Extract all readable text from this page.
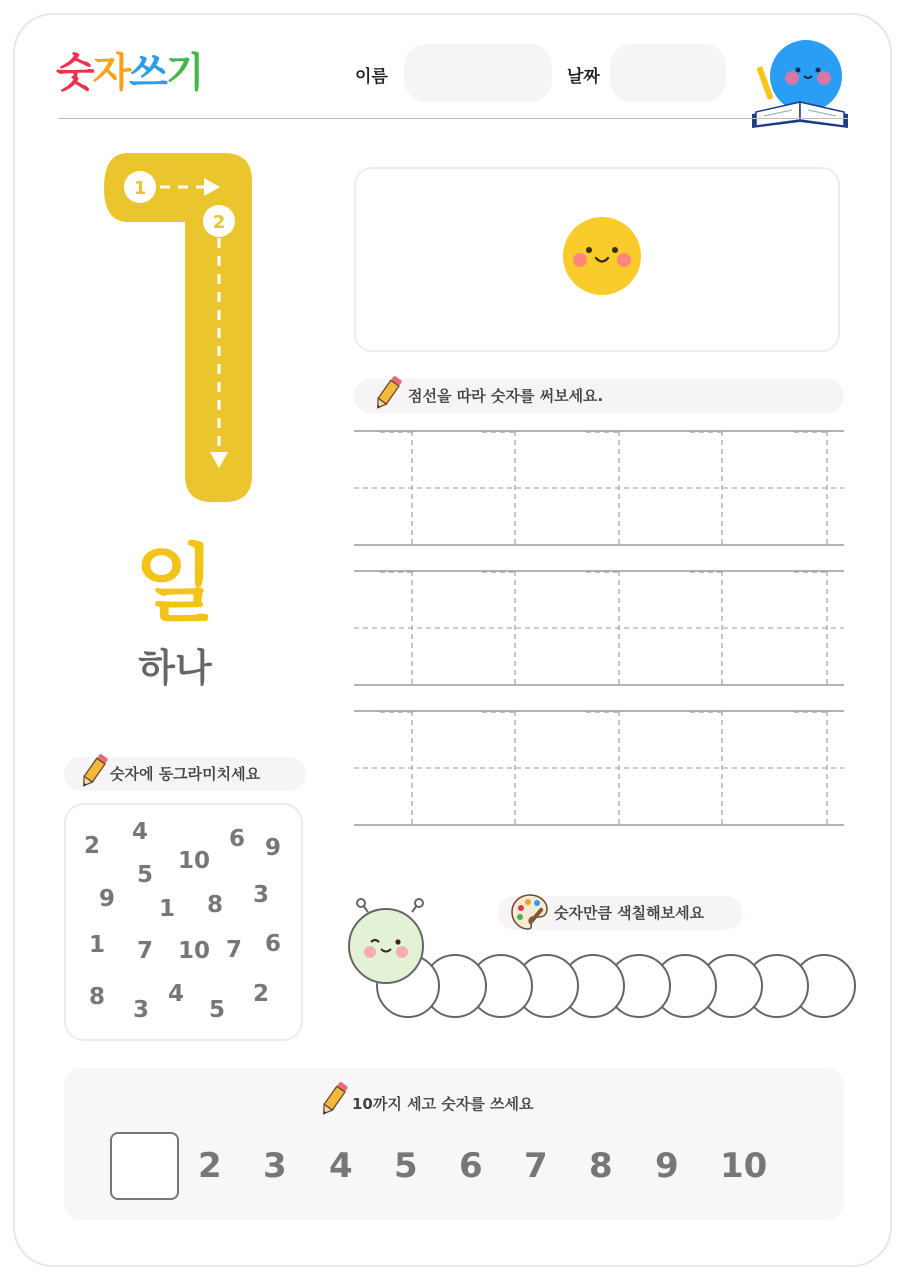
숫자쓰기	이름	날짜
1
2
일
하나
점선을 따라 숫자를 써보세요.
숫자에 동그라미치세요
2
4
10
6 9
5
9 1 8 3
1 7 10 7 6
8 3
4
5
2
숫자만큼 색칠해보세요
10까지 세고 숫자를 쓰세요
2 3 4 5 6 7 8 9 10
